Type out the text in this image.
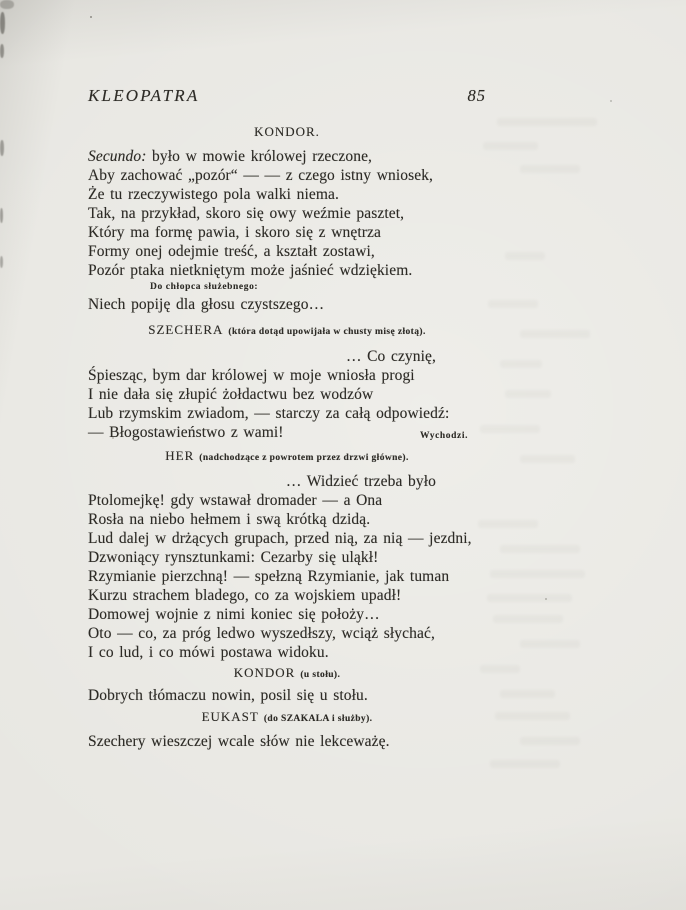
KLEOPATRA	85
KONDOR.
Secundo: było w mowie królowej rzeczone,
Aby zachować „pozór“ — — z czego istny wniosek,
Że tu rzeczywistego pola walki niema.
Tak, na przykład, skoro się owy weźmie pasztet,
Który ma formę pawia, i skoro się z wnętrza
Formy onej odejmie treść, a kształt zostawi,
Pozór ptaka nietkniętym może jaśnieć wdziękiem.
Do chłopca służebnego:
Niech popiję dla głosu czystszego…
SZECHERA (która dotąd upowijała w chusty misę złotą).
… Co czynię,
Śpiesząc, bym dar królowej w moje wniosła progi
I nie dała się złupić żołdactwu bez wodzów
Lub rzymskim zwiadom, — starczy za całą odpowiedź:
— Błogostawieństwo z wami!	Wychodzi.
HER (nadchodzące z powrotem przez drzwi główne).
… Widzieć trzeba było
Ptolomejkę! gdy wstawał dromader — a Ona
Rosła na niebo hełmem i swą krótką dzidą.
Lud dalej w drżących grupach, przed nią, za nią — jezdni,
Dzwoniący rynsztunkami: Cezarby się uląkł!
Rzymianie pierzchną! — spełzną Rzymianie, jak tuman
Kurzu strachem bladego, co za wojskiem upadł!
Domowej wojnie z nimi koniec się położy…
Oto — co, za próg ledwo wyszedłszy, wciąż słychać,
I co lud, i co mówi postawa widoku.
KONDOR (u stołu).
Dobrych tłómaczu nowin, posil się u stołu.
EUKAST (do SZAKALA i służby).
Szechery wieszczej wcale słów nie lekceważę.
